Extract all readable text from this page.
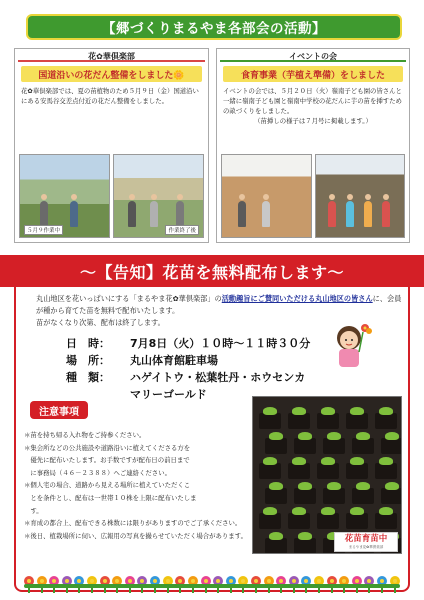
【郷づくりまるやま各部会の活動】
花✿華倶楽部
国道沿いの花だん整備をしました🌼
花✿華倶楽部では、夏の苗植物のため５月９日（金）国道沿いにある安馬谷交差点付近の花だん整備をしました。
５月９作業中	作業終了後
イベントの会
食育事業（芋植え準備）をしました
イベントの会では、５月２０日（火）嶺南子ども園の皆さんと一緒に嶺南子ども園と嶺南中学校の花だんに芋の苗を挿すための畝づくりをしました。
（苗挿しの様子は７月号に掲載します。）
～【告知】花苗を無料配布します～
丸山地区を花いっぱいにする「まるやま花✿華倶楽部」の活動趣旨にご賛同いただける丸山地区の皆さんに、会員が種から育てた苗を無料で配布いたします。
苗がなくなり次第、配布は終了します。
日　時：	7月8日（火）１０時～１１時３０分
場　所：	丸山体育館駐車場
種　類：	ハゲイトウ・松葉牡丹・ホウセンカ
マリーゴールド
注意事項
＊苗を持ち帰る入れ物をご持参ください。
＊集会所などの公共施設や道路沿いに植えてくださる方を
　優先に配布いたします。お手数ですが配布日の前日まで
　に事務局（４６－２３８８）へご連絡ください。
＊個人宅の場合、道路から見える場所に植えていただくこ
　とを条件とし、配布は一世帯１０株を上限に配布いたしま
　す。
＊育成の都合上、配布できる株数には限りがありますのでご了承ください。
＊後日、植栽場所に伺い、広報用の写真を撮らせていただく場合があります。	花苗育苗中
まるやま花✿華倶楽部
